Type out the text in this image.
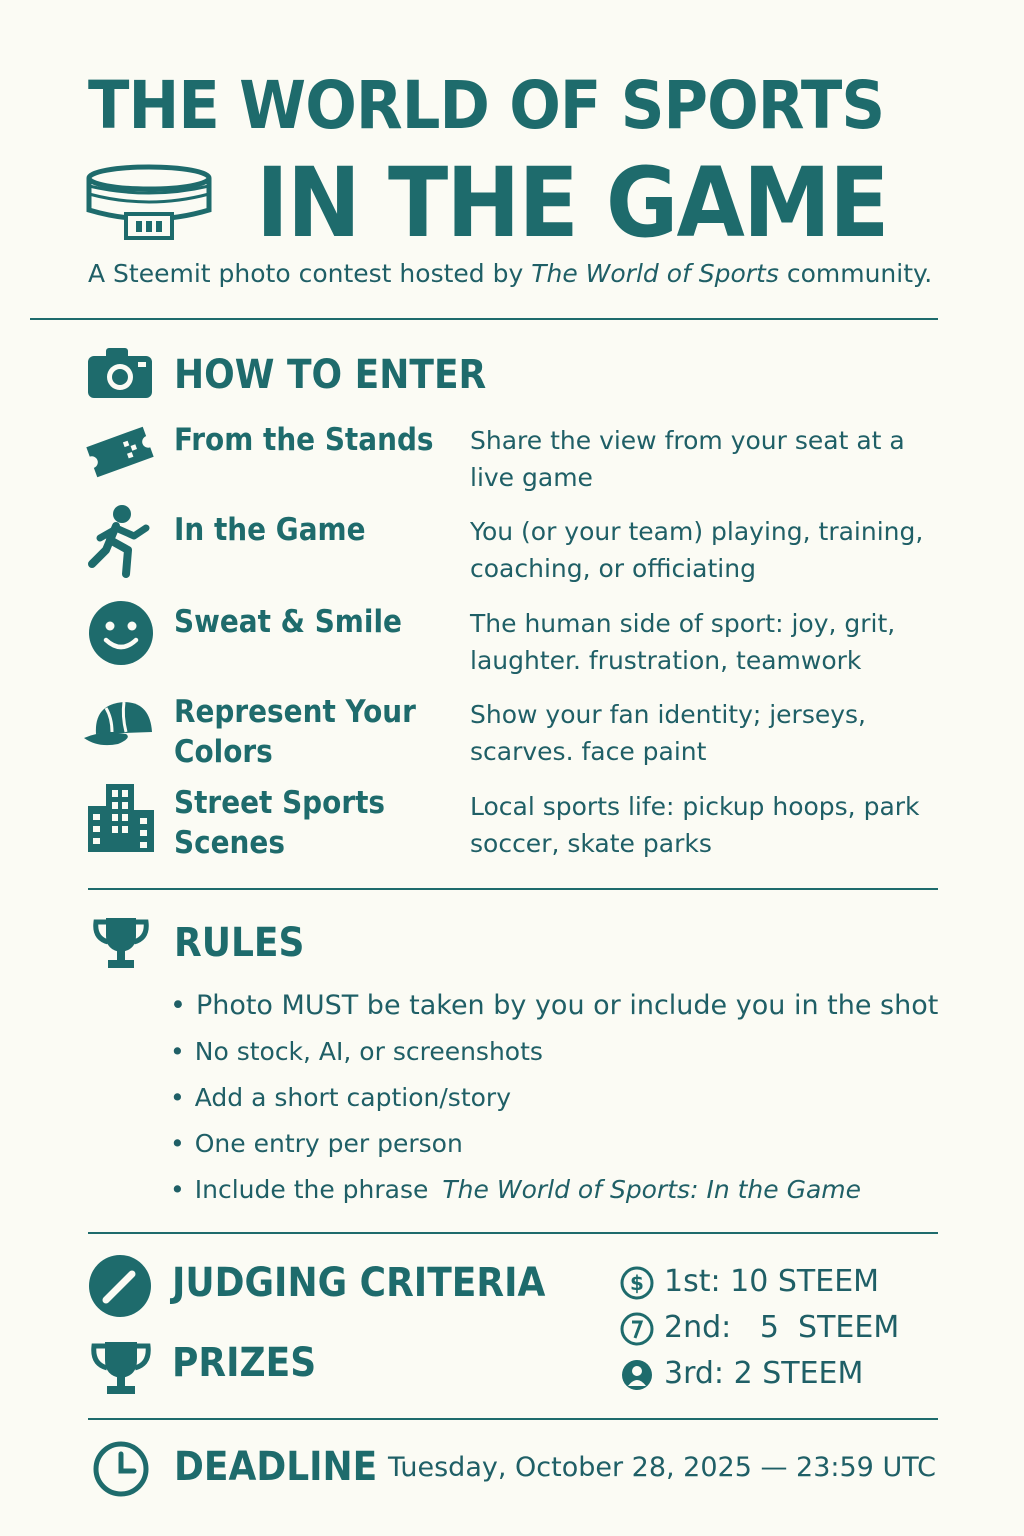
THE WORLD OF SPORTS
IN THE GAME
A Steemit photo contest hosted by The World of Sports community.
HOW TO ENTER
From the Stands Share the view from your seat at a live game
In the Game	You (or your team) playing, training, coaching, or officiating
Sweat & Smile	The human side of sport: joy, grit, laughter. frustration, teamwork
Represent Your Colors
Show your fan identity; jerseys, scarves. face paint
Street Sports Scenes
Local sports life: pickup hoops, park soccer, skate parks
RULES
• Photo MUST be taken by you or include you in the shot
• No stock, AI, or screenshots
• Add a short caption/story
• One entry per person
• Include the phrase The World of Sports: In the Game
JUDGING CRITERIA
PRIZES
$ 1st: 10 STEEM
2nd: 5 STEEM
3rd: 2 STEEM
DEADLINE Tuesday, October 28, 2025 — 23:59 UTC
